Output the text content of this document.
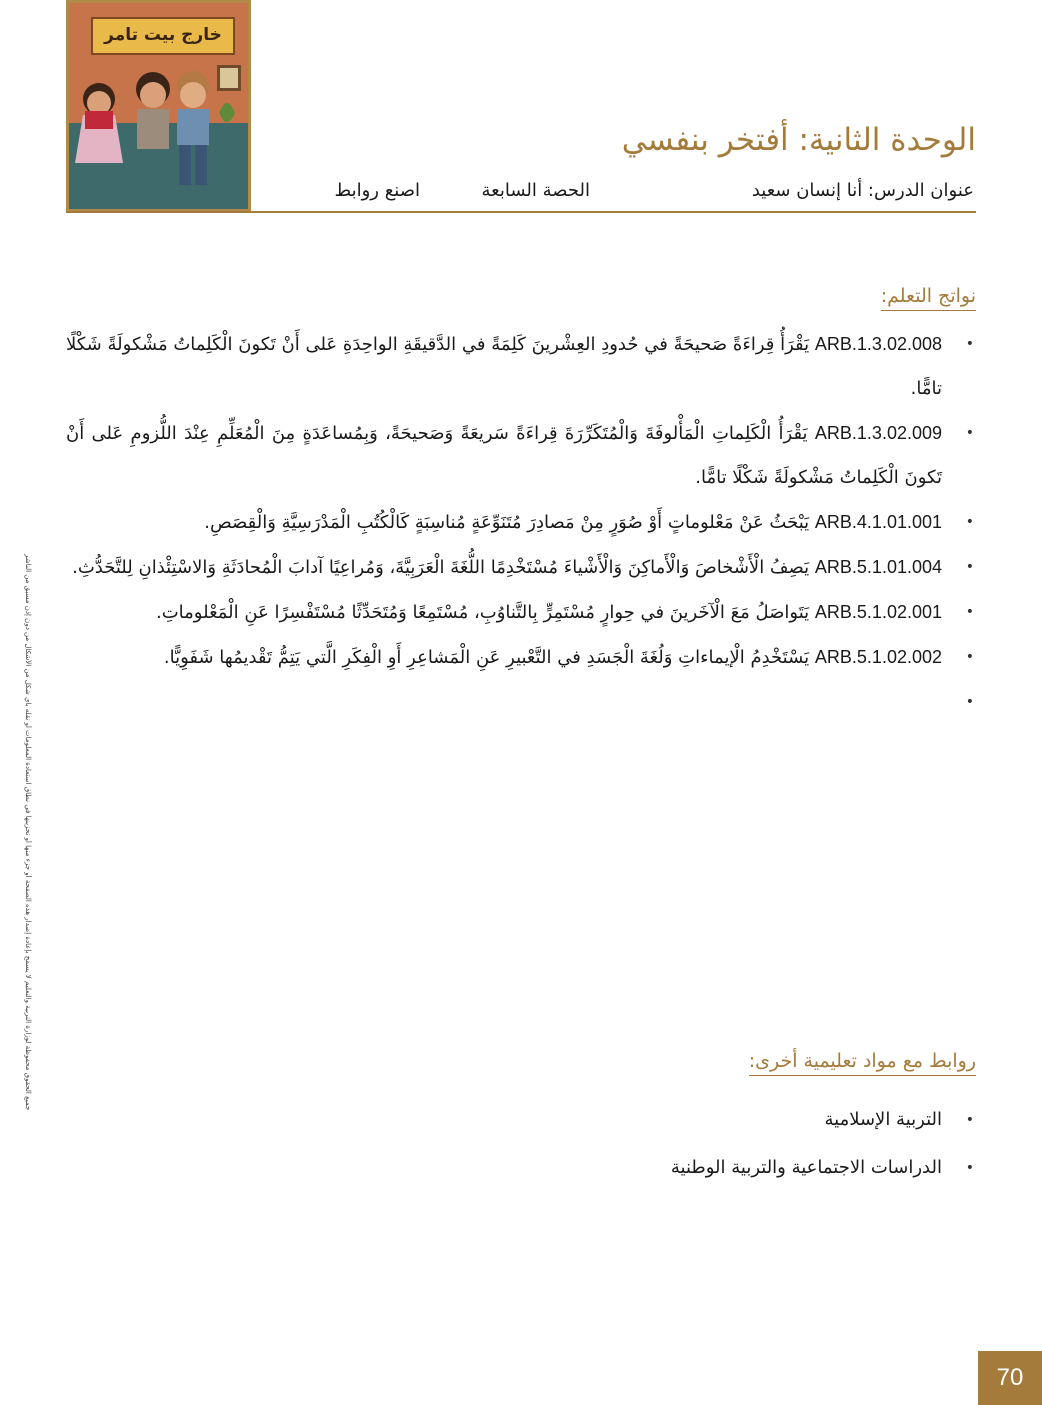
خارج بيت تامر
الوحدة الثانية: أفتخر بنفسي
عنوان الدرس: أنا إنسان سعيد
الحصة السابعة
اصنع روابط
نواتج التعلم:
• ARB.1.3.02.008 يَقْرَأُ قِراءَةً صَحيحَةً في حُدودِ العِشْرينَ كَلِمَةً في الدَّقيقَةِ الواحِدَةِ عَلى أَنْ تَكونَ الْكَلِماتُ مَشْكولَةً شَكْلًا تامًّا.
• ARB.1.3.02.009 يَقْرَأُ الْكَلِماتِ الْمَأْلوفَةَ وَالْمُتَكَرِّرَةَ قِراءَةً سَريعَةً وَصَحيحَةً، وَبِمُساعَدَةٍ مِنَ الْمُعَلِّمِ عِنْدَ اللُّزومِ عَلى أَنْ تَكونَ الْكَلِماتُ مَشْكولَةً شَكْلًا تامًّا.
• ARB.4.1.01.001 يَبْحَثُ عَنْ مَعْلوماتٍ أَوْ صُوَرٍ مِنْ مَصادِرَ مُتَنَوِّعَةٍ مُناسِبَةٍ كَالْكُتُبِ الْمَدْرَسِيَّةِ وَالْقِصَصِ.
• ARB.5.1.01.004 يَصِفُ الْأَشْخاصَ وَالْأَماكِنَ وَالْأَشْياءَ مُسْتَخْدِمًا اللُّغَةَ الْعَرَبِيَّةَ، وَمُراعِيًا آدابَ الْمُحادَثَةِ وَالاسْتِئْذانِ لِلتَّحَدُّثِ.
• ARB.5.1.02.001 يَتَواصَلُ مَعَ الْآخَرينَ في حِوارٍ مُسْتَمِرٍّ بِالتَّناوُبِ، مُسْتَمِعًا وَمُتَحَدِّثًا مُسْتَفْسِرًا عَنِ الْمَعْلوماتِ.
• ARB.5.1.02.002 يَسْتَخْدِمُ الْإيماءاتِ وَلُغَةَ الْجَسَدِ في التَّعْبيرِ عَنِ الْمَشاعِرِ أَوِ الْفِكَرِ الَّتي يَتِمُّ تَقْديمُها شَفَوِيًّا.
روابط مع مواد تعليمية أخرى:
• التربية الإسلامية
• الدراسات الاجتماعية والتربية الوطنية
جميع الحقوق محفوظة لوزارة التربية والتعليم لا يسمح بإعادة إصدار هذه الصفحة أو جزء منها أو تخزينها في نطاق استعادة المعلومات أو نقله بأي شكل من الأشكال من دون إذن مسبق من الناشر
70
